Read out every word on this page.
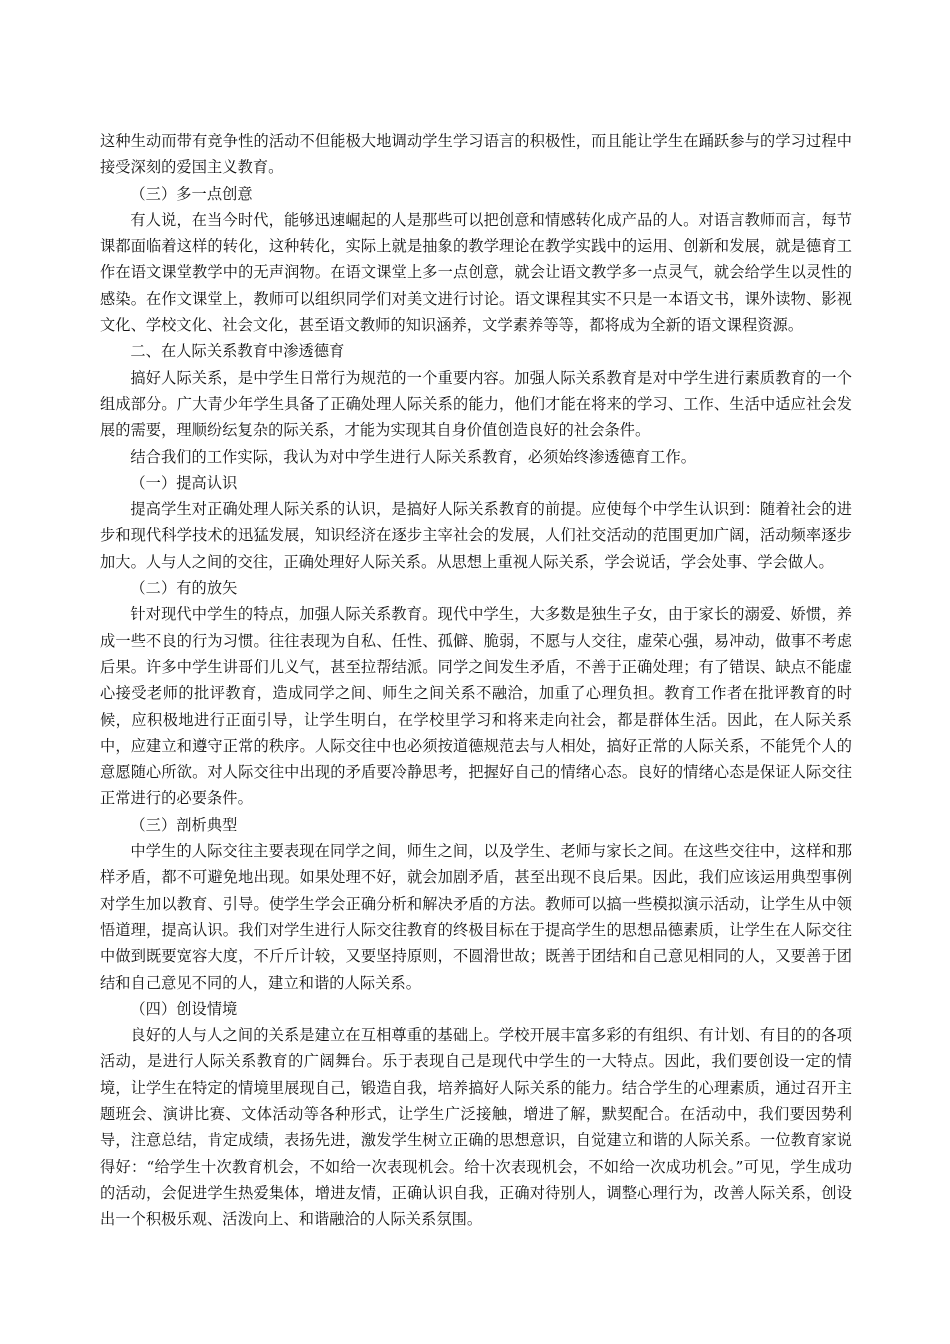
这种生动而带有竞争性的活动不但能极大地调动学生学习语言的积极性，而且能让学生在踊跃参与的学习过程中接受深刻的爱国主义教育。

（三）多一点创意

有人说，在当今时代，能够迅速崛起的人是那些可以把创意和情感转化成产品的人。对语言教师而言，每节课都面临着这样的转化，这种转化，实际上就是抽象的教学理论在教学实践中的运用、创新和发展，就是德育工作在语文课堂教学中的无声润物。在语文课堂上多一点创意，就会让语文教学多一点灵气，就会给学生以灵性的感染。在作文课堂上，教师可以组织同学们对美文进行讨论。语文课程其实不只是一本语文书，课外读物、影视文化、学校文化、社会文化，甚至语文教师的知识涵养，文学素养等等，都将成为全新的语文课程资源。

二、在人际关系教育中渗透德育

搞好人际关系，是中学生日常行为规范的一个重要内容。加强人际关系教育是对中学生进行素质教育的一个组成部分。广大青少年学生具备了正确处理人际关系的能力，他们才能在将来的学习、工作、生活中适应社会发展的需要，理顺纷纭复杂的际关系，才能为实现其自身价值创造良好的社会条件。

结合我们的工作实际，我认为对中学生进行人际关系教育，必须始终渗透德育工作。

（一）提高认识

提高学生对正确处理人际关系的认识，是搞好人际关系教育的前提。应使每个中学生认识到：随着社会的进步和现代科学技术的迅猛发展，知识经济在逐步主宰社会的发展，人们社交活动的范围更加广阔，活动频率逐步加大。人与人之间的交往，正确处理好人际关系。从思想上重视人际关系，学会说话，学会处事、学会做人。

（二）有的放矢

针对现代中学生的特点，加强人际关系教育。现代中学生，大多数是独生子女，由于家长的溺爱、娇惯，养成一些不良的行为习惯。往往表现为自私、任性、孤僻、脆弱，不愿与人交往，虚荣心强，易冲动，做事不考虑后果。许多中学生讲哥们儿义气，甚至拉帮结派。同学之间发生矛盾，不善于正确处理；有了错误、缺点不能虚心接受老师的批评教育，造成同学之间、师生之间关系不融洽，加重了心理负担。教育工作者在批评教育的时候，应积极地进行正面引导，让学生明白，在学校里学习和将来走向社会，都是群体生活。因此，在人际关系中，应建立和遵守正常的秩序。人际交往中也必须按道德规范去与人相处，搞好正常的人际关系，不能凭个人的意愿随心所欲。对人际交往中出现的矛盾要冷静思考，把握好自己的情绪心态。良好的情绪心态是保证人际交往正常进行的必要条件。

（三）剖析典型

中学生的人际交往主要表现在同学之间，师生之间，以及学生、老师与家长之间。在这些交往中，这样和那样矛盾，都不可避免地出现。如果处理不好，就会加剧矛盾，甚至出现不良后果。因此，我们应该运用典型事例对学生加以教育、引导。使学生学会正确分析和解决矛盾的方法。教师可以搞一些模拟演示活动，让学生从中领悟道理，提高认识。我们对学生进行人际交往教育的终极目标在于提高学生的思想品德素质，让学生在人际交往中做到既要宽容大度，不斤斤计较，又要坚持原则，不圆滑世故；既善于团结和自己意见相同的人，又要善于团结和自己意见不同的人，建立和谐的人际关系。

（四）创设情境

良好的人与人之间的关系是建立在互相尊重的基础上。学校开展丰富多彩的有组织、有计划、有目的的各项活动，是进行人际关系教育的广阔舞台。乐于表现自己是现代中学生的一大特点。因此，我们要创设一定的情境，让学生在特定的情境里展现自己，锻造自我，培养搞好人际关系的能力。结合学生的心理素质，通过召开主题班会、演讲比赛、文体活动等各种形式，让学生广泛接触，增进了解，默契配合。在活动中，我们要因势利导，注意总结，肯定成绩，表扬先进，激发学生树立正确的思想意识，自觉建立和谐的人际关系。一位教育家说得好：“给学生十次教育机会，不如给一次表现机会。给十次表现机会，不如给一次成功机会。”可见，学生成功的活动，会促进学生热爱集体，增进友情，正确认识自我，正确对待别人，调整心理行为，改善人际关系，创设出一个积极乐观、活泼向上、和谐融洽的人际关系氛围。
